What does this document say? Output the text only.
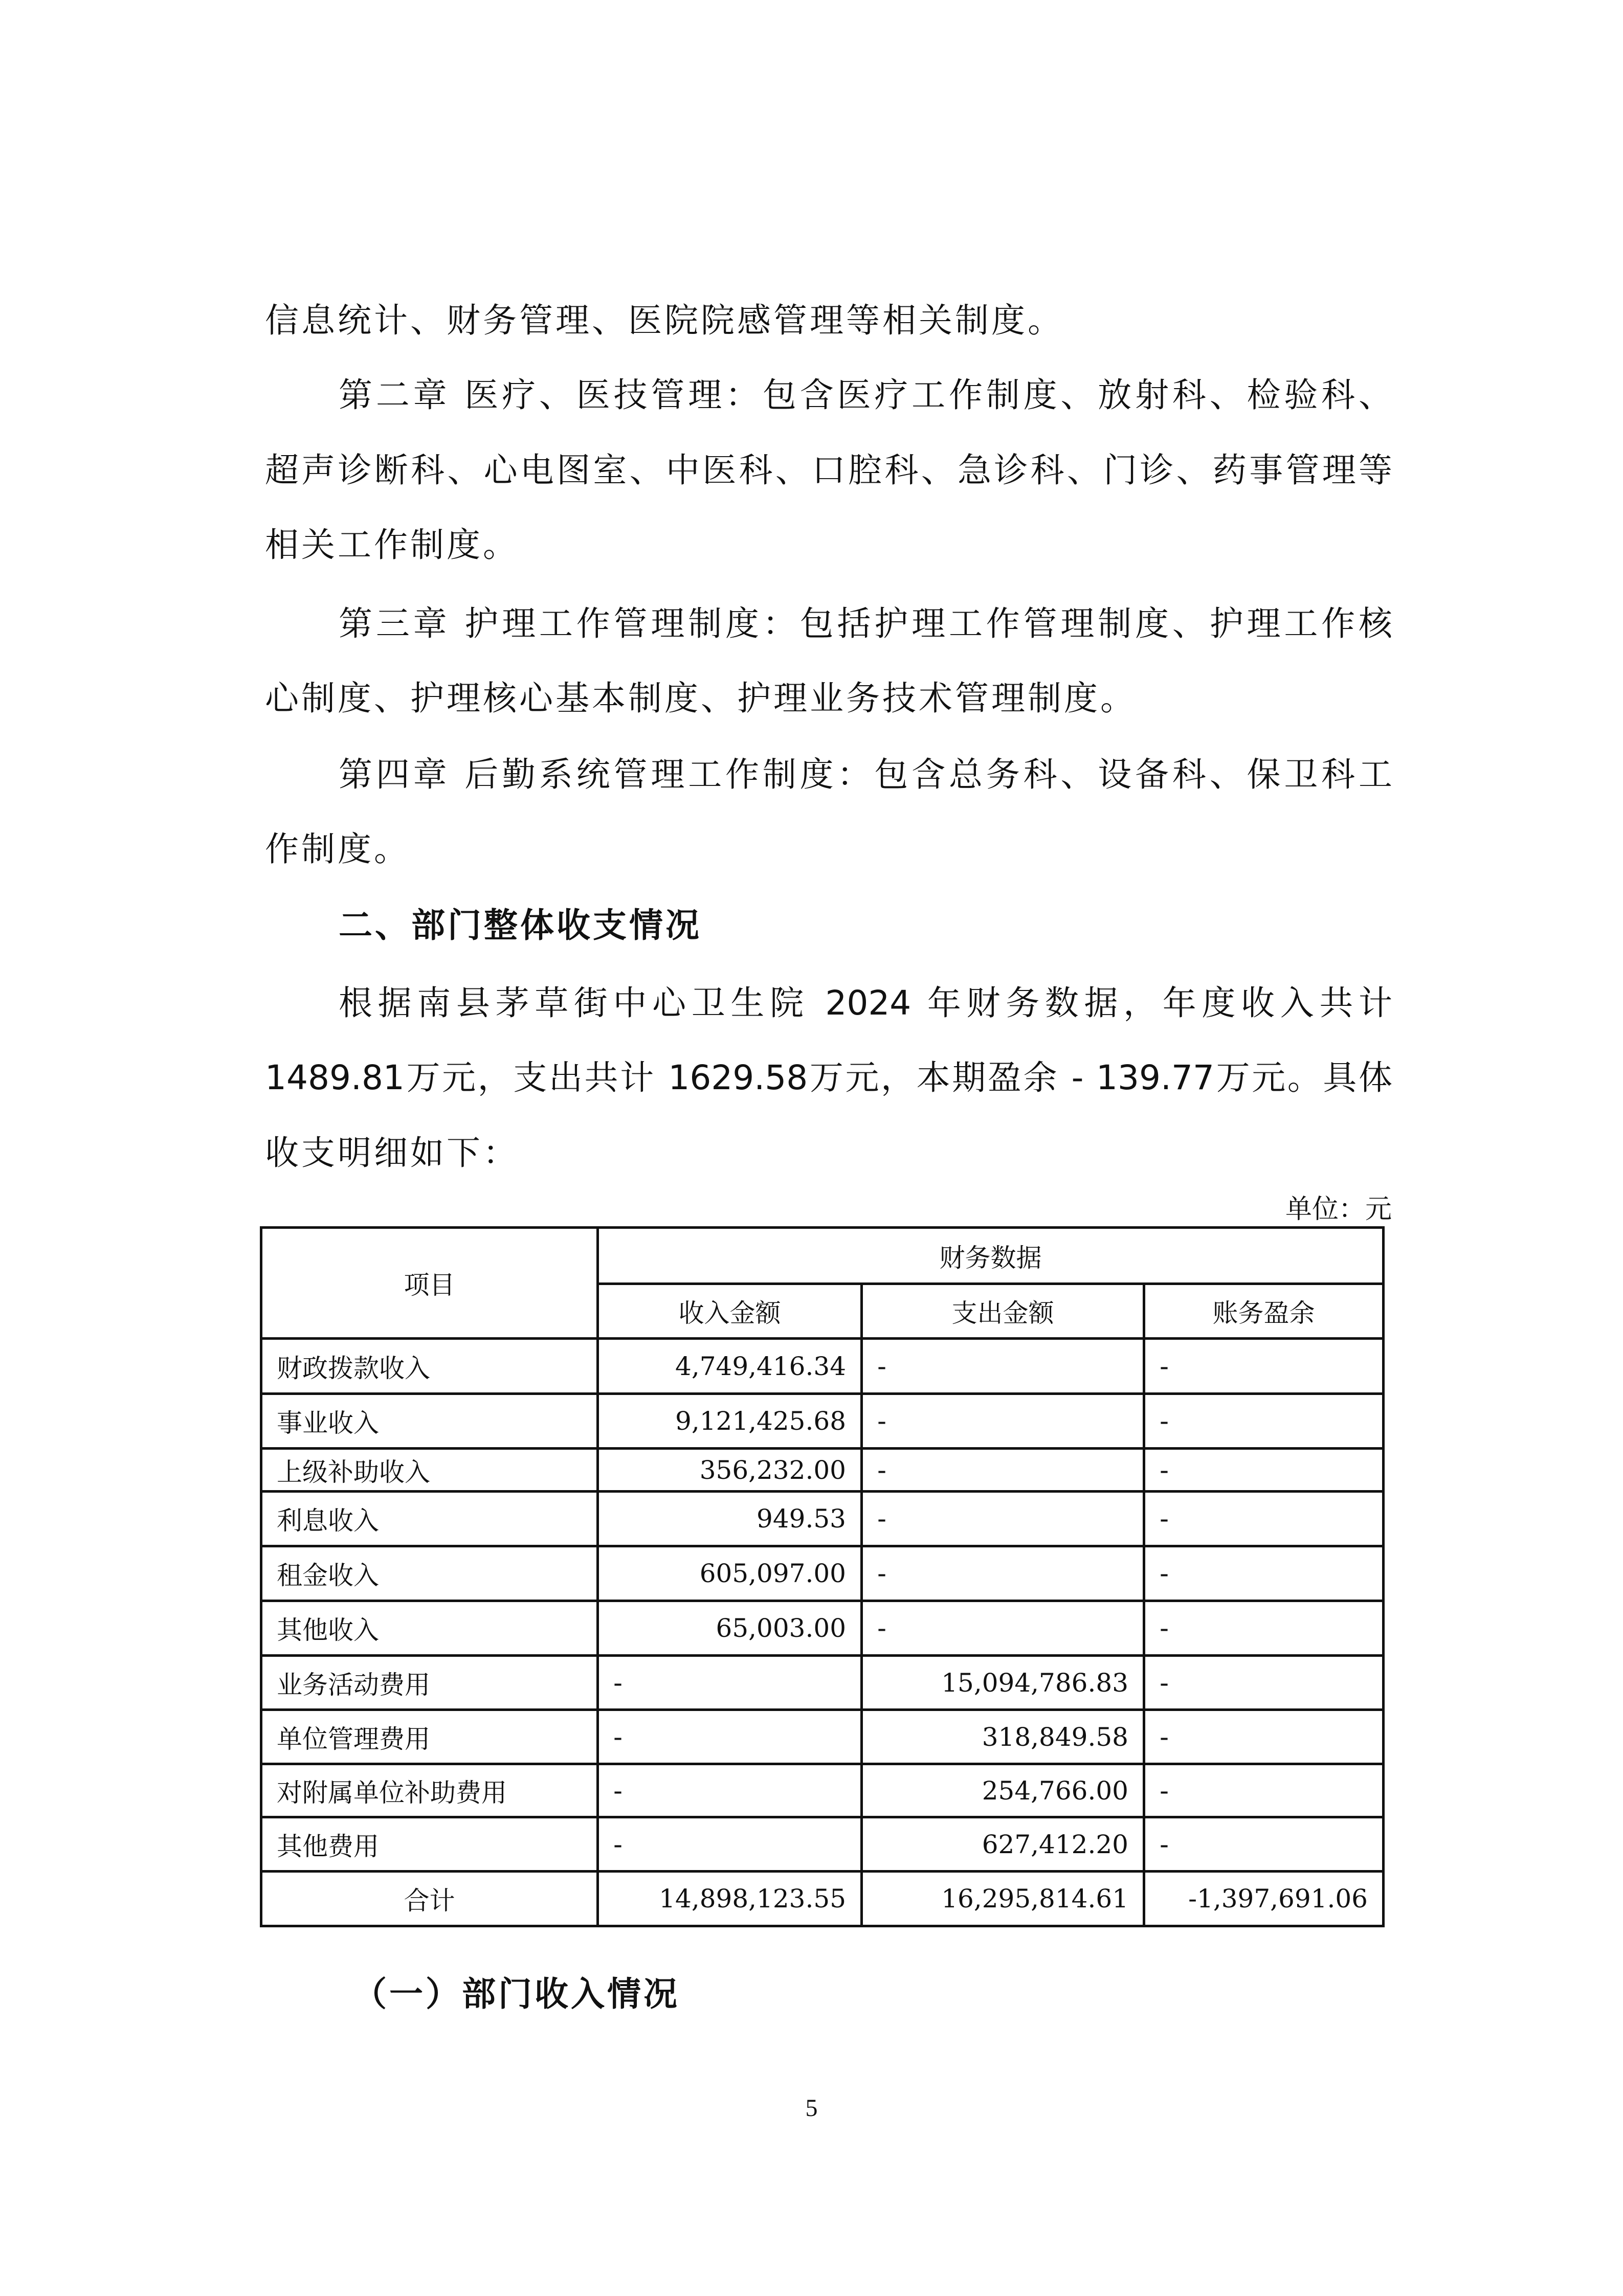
信息统计、财务管理、医院院感管理等相关制度。
第二章 医疗、医技管理：包含医疗工作制度、放射科、检验科、
超声诊断科、心电图室、中医科、口腔科、急诊科、门诊、药事管理等
相关工作制度。
第三章 护理工作管理制度：包括护理工作管理制度、护理工作核
心制度、护理核心基本制度、护理业务技术管理制度。
第四章 后勤系统管理工作制度：包含总务科、设备科、保卫科工
作制度。
二、部门整体收支情况
根据南县茅草街中心卫生院 2024 年财务数据，年度收入共计
1489.81万元，支出共计 1629.58万元，本期盈余 - 139.77万元。具体
收支明细如下：
单位：元
项目	财务数据		
	收入金额	支出金额	账务盈余
财政拨款收入	4,749,416.34	-	-
事业收入	9,121,425.68	-	-
上级补助收入	356,232.00	-	-
利息收入	949.53	-	-
租金收入	605,097.00	-	-
其他收入	65,003.00	-	-
业务活动费用	-	15,094,786.83	-
单位管理费用	-	318,849.58	-
对附属单位补助费用	-	254,766.00	-
其他费用	-	627,412.20	-
合计	14,898,123.55	16,295,814.61	-1,397,691.06
（一）部门收入情况
5
